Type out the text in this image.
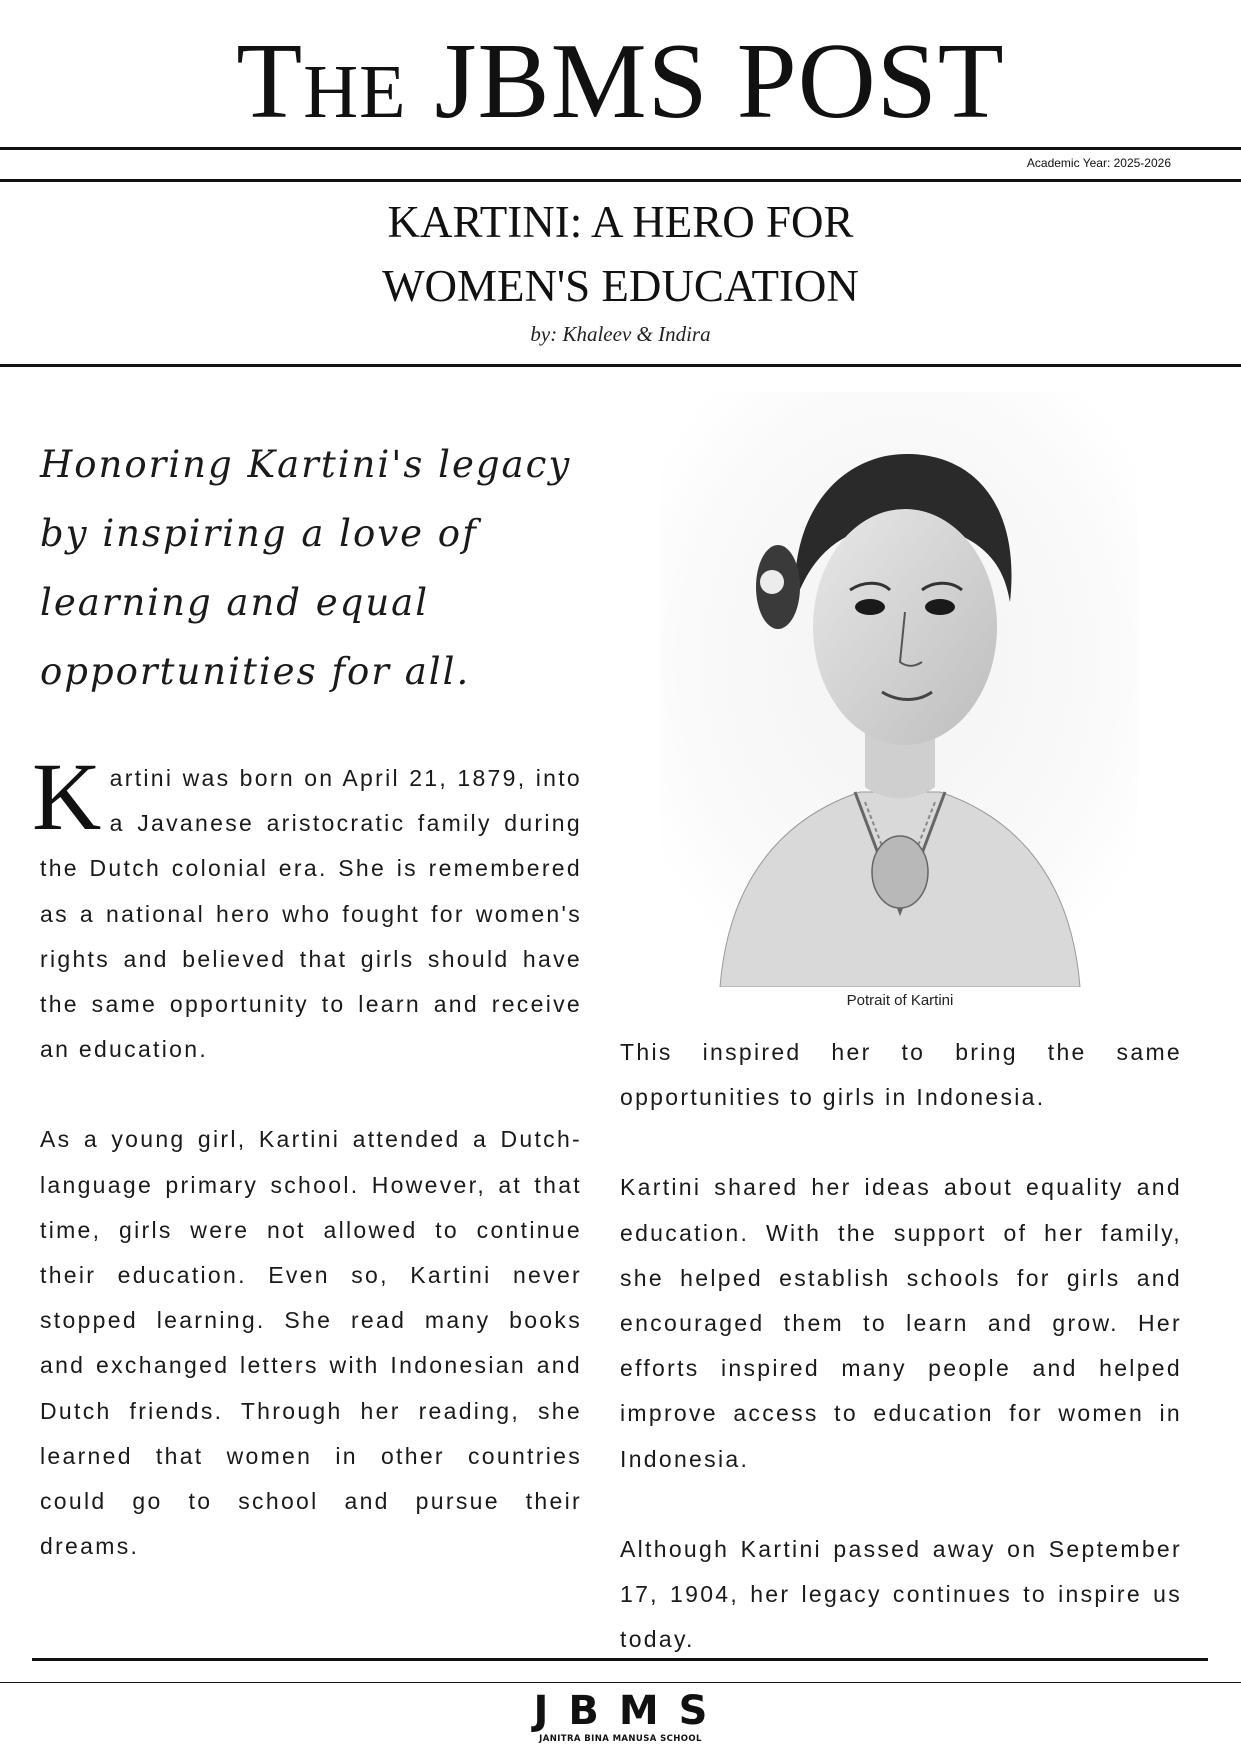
The JBMS POST
Academic Year: 2025-2026
KARTINI: A HERO FOR
WOMEN'S EDUCATION
by: Khaleev & Indira
Honoring Kartini's legacy by inspiring a love of learning and equal opportunities for all.

Kartini was born on April 21, 1879, into a Javanese aristocratic family during the Dutch colonial era. She is remembered as a national hero who fought for women's rights and believed that girls should have the same opportunity to learn and receive an education.

As a young girl, Kartini attended a Dutch-language primary school. However, at that time, girls were not allowed to continue their education. Even so, Kartini never stopped learning. She read many books and exchanged letters with Indonesian and Dutch friends. Through her reading, she learned that women in other countries could go to school and pursue their dreams.

Potrait of Kartini

This inspired her to bring the same opportunities to girls in Indonesia.

Kartini shared her ideas about equality and education. With the support of her family, she helped establish schools for girls and encouraged them to learn and grow. Her efforts inspired many people and helped improve access to education for women in Indonesia.

Although Kartini passed away on September 17, 1904, her legacy continues to inspire us today.

JBMS
JANITRA BINA MANUSA SCHOOL
